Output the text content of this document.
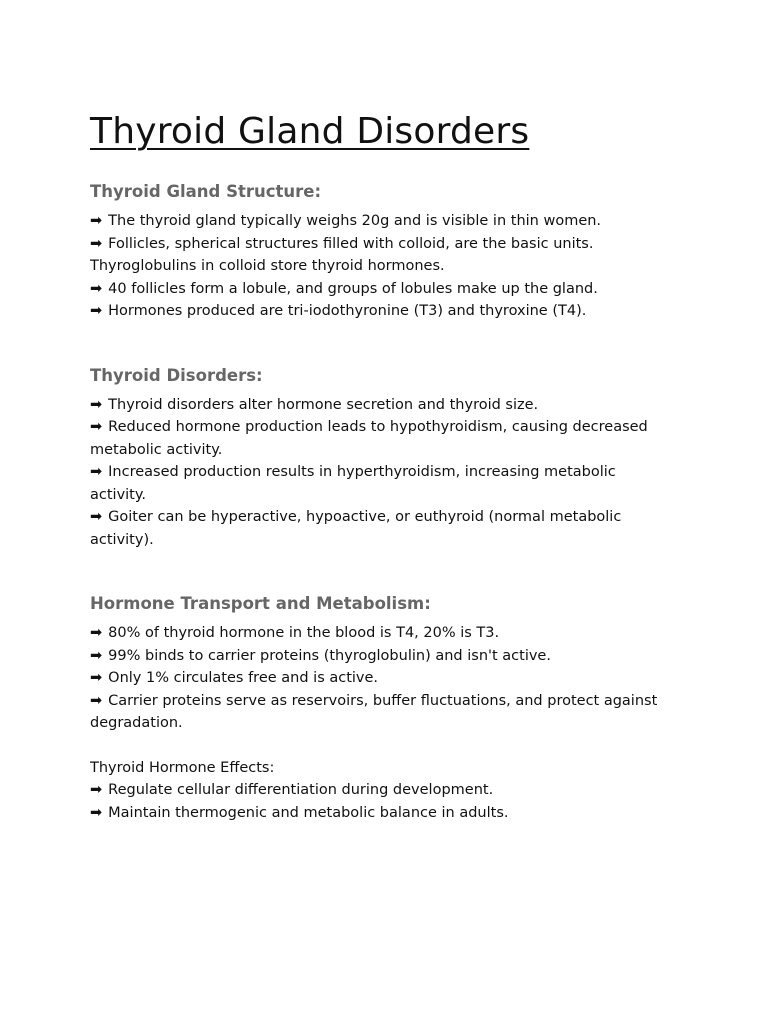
Thyroid Gland Disorders

Thyroid Gland Structure:

➡ The thyroid gland typically weighs 20g and is visible in thin women.

➡ Follicles, spherical structures filled with colloid, are the basic units.

Thyroglobulins in colloid store thyroid hormones.

➡ 40 follicles form a lobule, and groups of lobules make up the gland.

➡ Hormones produced are tri-iodothyronine (T3) and thyroxine (T4).

Thyroid Disorders:

➡ Thyroid disorders alter hormone secretion and thyroid size.

➡ Reduced hormone production leads to hypothyroidism, causing decreased

metabolic activity.

➡ Increased production results in hyperthyroidism, increasing metabolic

activity.

➡ Goiter can be hyperactive, hypoactive, or euthyroid (normal metabolic

activity).

Hormone Transport and Metabolism:

➡ 80% of thyroid hormone in the blood is T4, 20% is T3.

➡ 99% binds to carrier proteins (thyroglobulin) and isn't active.

➡ Only 1% circulates free and is active.

➡ Carrier proteins serve as reservoirs, buffer fluctuations, and protect against

degradation.

Thyroid Hormone Effects:

➡ Regulate cellular differentiation during development.

➡ Maintain thermogenic and metabolic balance in adults.
